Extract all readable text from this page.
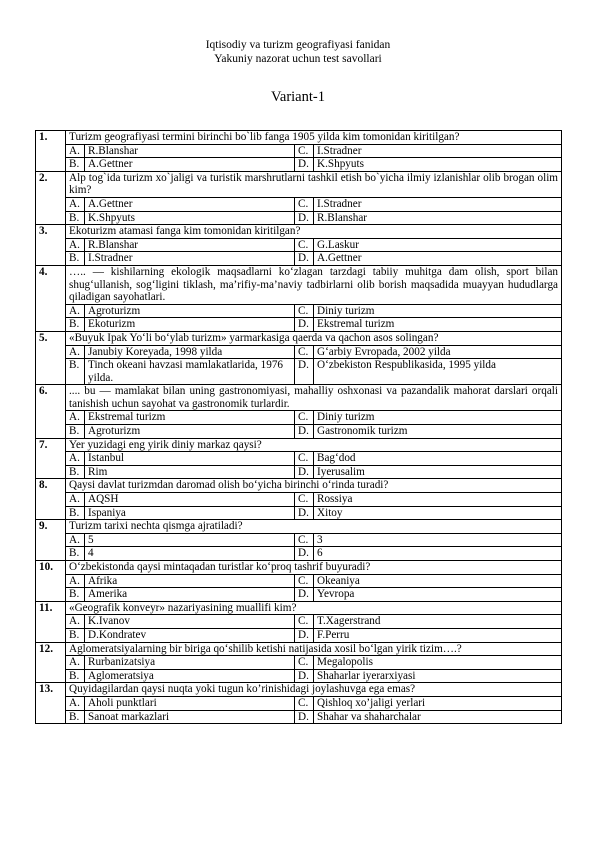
Iqtisodiy va turizm geografiyasi fanidan
Yakuniy nazorat uchun test savollari
Variant-1
1.	Turizm geografiyasi termini birinchi bo`lib fanga 1905 yilda kim tomonidan kiritilgan?			
	A.	R.Blanshar	C.	I.Stradner
	B.	A.Gettner	D.	K.Shpyuts
2.	Alp tog`ida turizm xo`jaligi va turistik marshrutlarni tashkil etish bo`yicha ilmiy izlanishlar olib brogan olim kim?			
	A.	A.Gettner	C.	I.Stradner
	B.	K.Shpyuts	D.	R.Blanshar
3.	Ekoturizm atamasi fanga kim tomonidan kiritilgan?			
	A.	R.Blanshar	C.	G.Laskur
	B.	I.Stradner	D.	A.Gettner
4.	….. — kishilarning ekologik maqsadlarni ko‘zlagan tarzdagi tabiiy muhitga dam olish, sport bilan shug‘ullanish, sog‘ligini tiklash, ma’rifiy-ma’naviy tadbirlarni olib borish maqsadida muayyan hududlarga qiladigan sayohatlari.			
	A.	Agroturizm	C.	Diniy turizm
	B.	Ekoturizm	D.	Ekstremal turizm
5.	«Buyuk Ipak Yo‘li bo‘ylab turizm» yarmarkasiga qaerda va qachon asos solingan?			
	A.	Janubiy Koreyada, 1998 yilda	C.	G‘arbiy Evropada, 2002 yilda
	B.	Tinch okeani havzasi mamlakatlarida, 1976 yilda.	D.	O‘zbekiston Respublikasida, 1995 yilda
6.	.... bu — mamlakat bilan uning gastronomiyasi, mahalliy oshxonasi va pazandalik mahorat darslari orqali tanishish uchun sayohat va gastronomik turlardir.			
	A.	Ekstremal turizm	C.	Diniy turizm
	B.	Agroturizm	D.	Gastronomik turizm
7.	Yer yuzidagi eng yirik diniy markaz qaysi?			
	A.	Istanbul	C.	Bag‘dod
	B.	Rim	D.	Iyerusalim
8.	Qaysi davlat turizmdan daromad olish bo‘yicha birinchi o‘rinda turadi?			
	A.	AQSH	C.	Rossiya
	B.	Ispaniya	D.	Xitoy
9.	Turizm tarixi nechta qismga ajratiladi?			
	A.	5	C.	3
	B.	4	D.	6
10.	O‘zbekistonda qaysi mintaqadan turistlar ko‘proq tashrif buyuradi?			
	A.	Afrika	C.	Okeaniya
	B.	Amerika	D.	Yevropa
11.	«Geografik konveyr» nazariyasining muallifi kim?			
	A.	K.Ivanov	C.	T.Xagerstrand
	B.	D.Kondratev	D.	F.Perru
12.	Aglomeratsiyalarning bir biriga qo‘shilib ketishi natijasida xosil bo‘lgan yirik tizim….?			
	A.	Rurbanizatsiya	C.	Megalopolis
	B.	Aglomeratsiya	D.	Shaharlar iyerarxiyasi
13.	Quyidagilardan qaysi nuqta yoki tugun ko’rinishidagi joylashuvga ega emas?			
	A.	Aholi punktlari	C.	Qishloq xo’jaligi yerlari
	B.	Sanoat markazlari	D.	Shahar va shaharchalar
